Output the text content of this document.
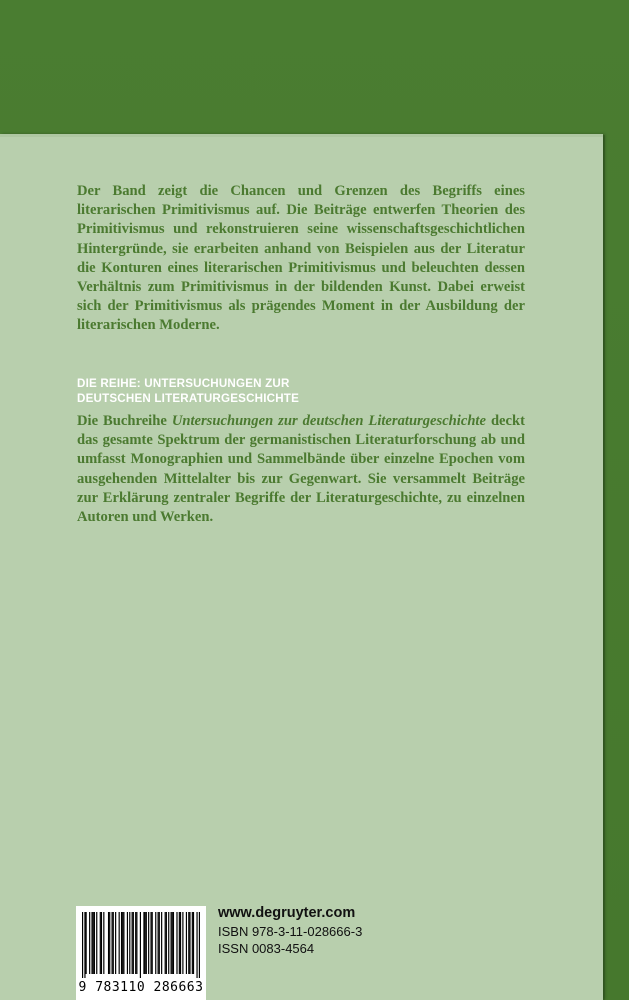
Der Band zeigt die Chancen und Grenzen des Begriffs eines literarischen Primitivismus auf. Die Beiträge entwerfen Theorien des Primitivismus und rekonstruieren seine wissenschaftsgeschichtlichen Hintergründe, sie erarbeiten anhand von Beispielen aus der Literatur die Konturen eines literarischen Primitivismus und beleuchten dessen Verhältnis zum Primitivismus in der bildenden Kunst. Dabei erweist sich der Primitivismus als prägendes Moment in der Ausbildung der literarischen Moderne.

DIE REIHE: UNTERSUCHUNGEN ZUR
DEUTSCHEN LITERATURGESCHICHTE

Die Buchreihe Untersuchungen zur deutschen Literaturgeschichte deckt das gesamte Spektrum der germanistischen Literaturforschung ab und umfasst Monographien und Sammelbände über einzelne Epochen vom ausgehenden Mittelalter bis zur Gegenwart. Sie versammelt Beiträge zur Erklärung zentraler Begriffe der Literaturgeschichte, zu einzelnen Autoren und Werken.

9 783110 286663

www.degruyter.com

ISBN 978-3-11-028666-3

ISSN 0083-4564
